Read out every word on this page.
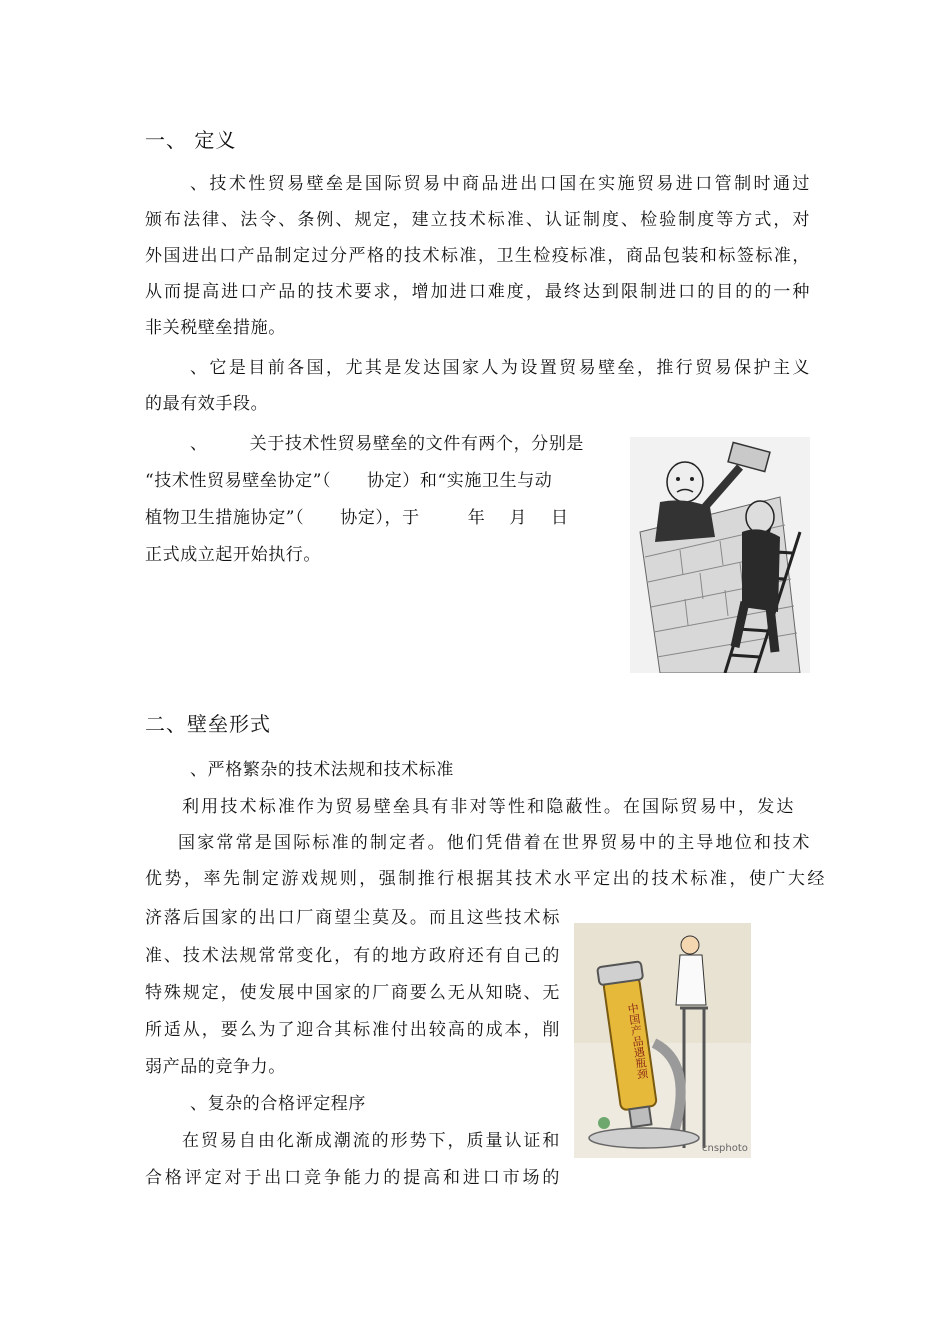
一、 定义
、技术性贸易壁垒是国际贸易中商品进出口国在实施贸易进口管制时通过
颁布法律、法令、条例、规定，建立技术标准、认证制度、检验制度等方式，对
外国进出口产品制定过分严格的技术标准，卫生检疫标准，商品包装和标签标准，
从而提高进口产品的技术要求，增加进口难度，最终达到限制进口的目的的一种
非关税壁垒措施。
、它是目前各国，尤其是发达国家人为设置贸易壁垒，推行贸易保护主义
的最有效手段。
、       关于技术性贸易壁垒的文件有两个，分别是
“技术性贸易壁垒协定”（      协定）和“实施卫生与动
植物卫生措施协定”（      协定），于        年    月    日
正式成立起开始执行。
二、壁垒形式
、严格繁杂的技术法规和技术标准
利用技术标准作为贸易壁垒具有非对等性和隐蔽性。在国际贸易中，发达
国家常常是国际标准的制定者。他们凭借着在世界贸易中的主导地位和技术
优势，率先制定游戏规则，强制推行根据其技术水平定出的技术标准，使广大经
济落后国家的出口厂商望尘莫及。而且这些技术标
准、技术法规常常变化，有的地方政府还有自己的
特殊规定，使发展中国家的厂商要么无从知晓、无
所适从，要么为了迎合其标准付出较高的成本，削
弱产品的竞争力。
、复杂的合格评定程序
在贸易自由化渐成潮流的形势下，质量认证和
合格评定对于出口竞争能力的提高和进口市场的
中国产品遇瓶颈
cnsphoto
